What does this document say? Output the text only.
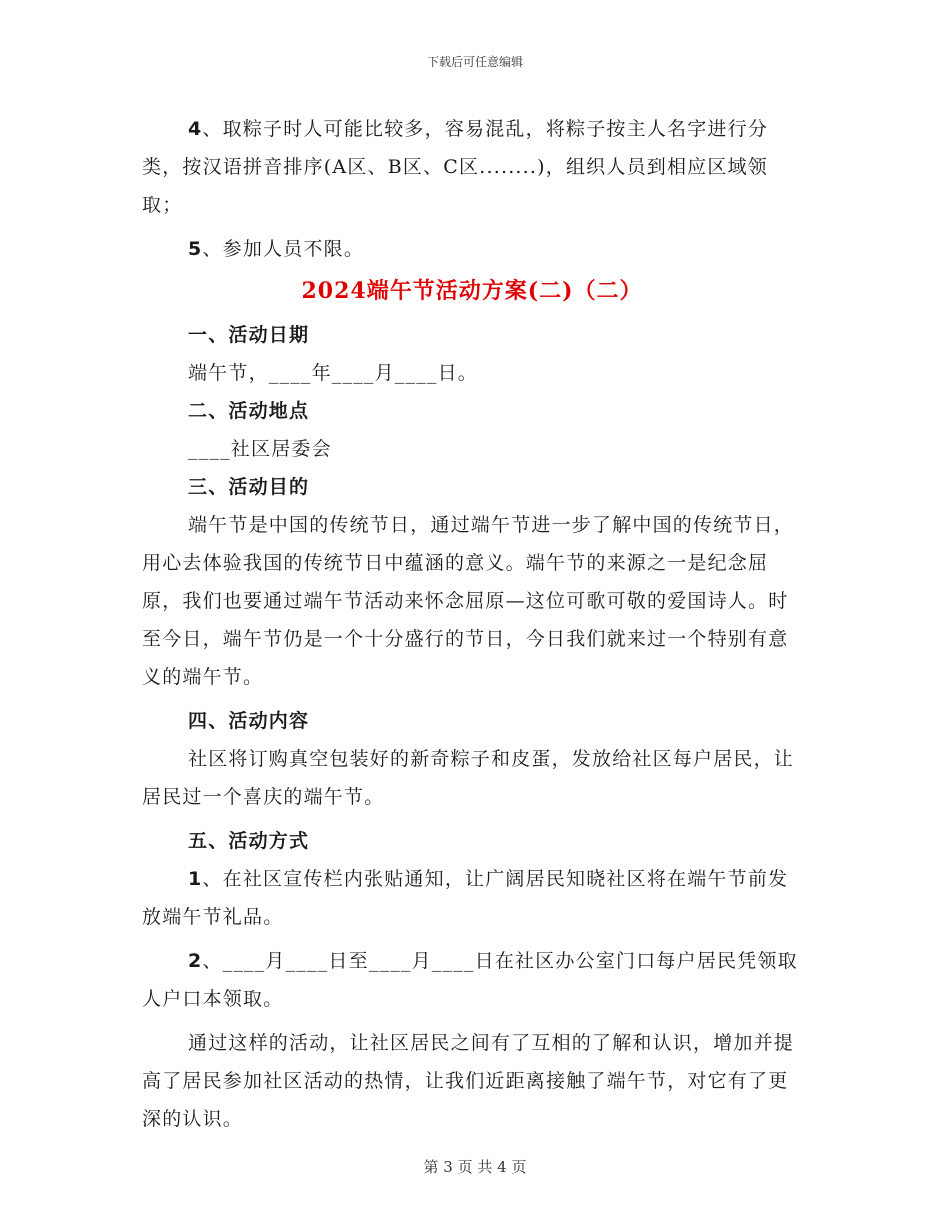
下载后可任意编辑

4、取粽子时人可能比较多，容易混乱，将粽子按主人名字进行分类，按汉语拼音排序(A区、B区、C区........)，组织人员到相应区域领取；

5、参加人员不限。

2024端午节活动方案(二)（二）

一、活动日期

端午节，____年____月____日。

二、活动地点

____社区居委会

三、活动目的

端午节是中国的传统节日，通过端午节进一步了解中国的传统节日，用心去体验我国的传统节日中蕴涵的意义。端午节的来源之一是纪念屈原，我们也要通过端午节活动来怀念屈原—这位可歌可敬的爱国诗人。时至今日，端午节仍是一个十分盛行的节日，今日我们就来过一个特别有意义的端午节。

四、活动内容

社区将订购真空包装好的新奇粽子和皮蛋，发放给社区每户居民，让居民过一个喜庆的端午节。

五、活动方式

1、在社区宣传栏内张贴通知，让广阔居民知晓社区将在端午节前发放端午节礼品。

2、____月____日至____月____日在社区办公室门口每户居民凭领取人户口本领取。

通过这样的活动，让社区居民之间有了互相的了解和认识，增加并提高了居民参加社区活动的热情，让我们近距离接触了端午节，对它有了更深的认识。

第 3 页 共 4 页
